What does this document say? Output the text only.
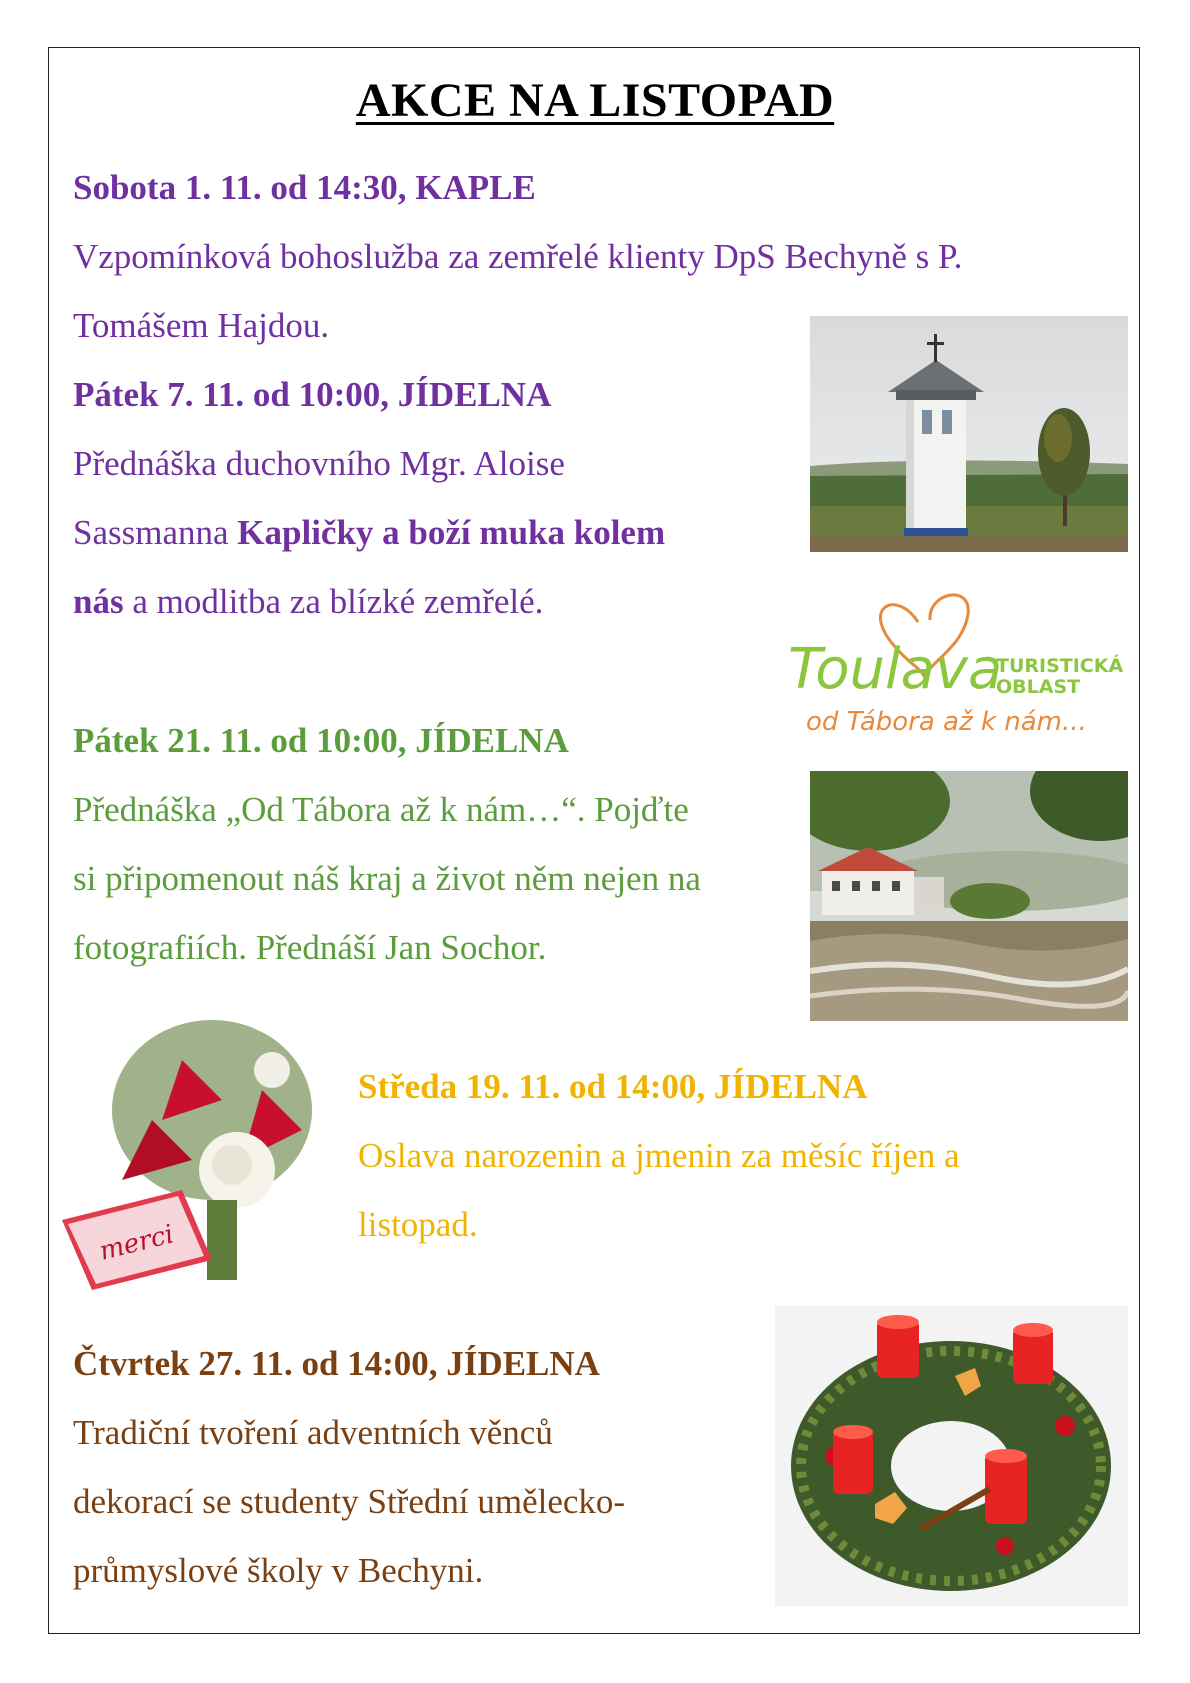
AKCE NA LISTOPAD
Sobota 1. 11. od 14:30, KAPLE
Vzpomínková bohoslužba za zemřelé klienty DpS Bechyně s P.
Tomášem Hajdou.
Pátek 7. 11. od 10:00, JÍDELNA
Přednáška duchovního Mgr. Aloise
Sassmanna Kapličky a boží muka kolem
nás a modlitba za blízké zemřelé.
Pátek 21. 11. od 10:00, JÍDELNA
Přednáška „Od Tábora až k nám…“. Pojďte
si připomenout náš kraj a život něm nejen na
fotografiích. Přednáší Jan Sochor.
Středa 19. 11. od 14:00, JÍDELNA
Oslava narozenin a jmenin za měsíc říjen a
listopad.
Čtvrtek 27. 11. od 14:00, JÍDELNA
Tradiční tvoření adventních věnců
dekorací se studenty Střední umělecko-
průmyslové školy v Bechyni.
Toulava
TURISTICKÁ
OBLAST
od Tábora až k nám...
merci
